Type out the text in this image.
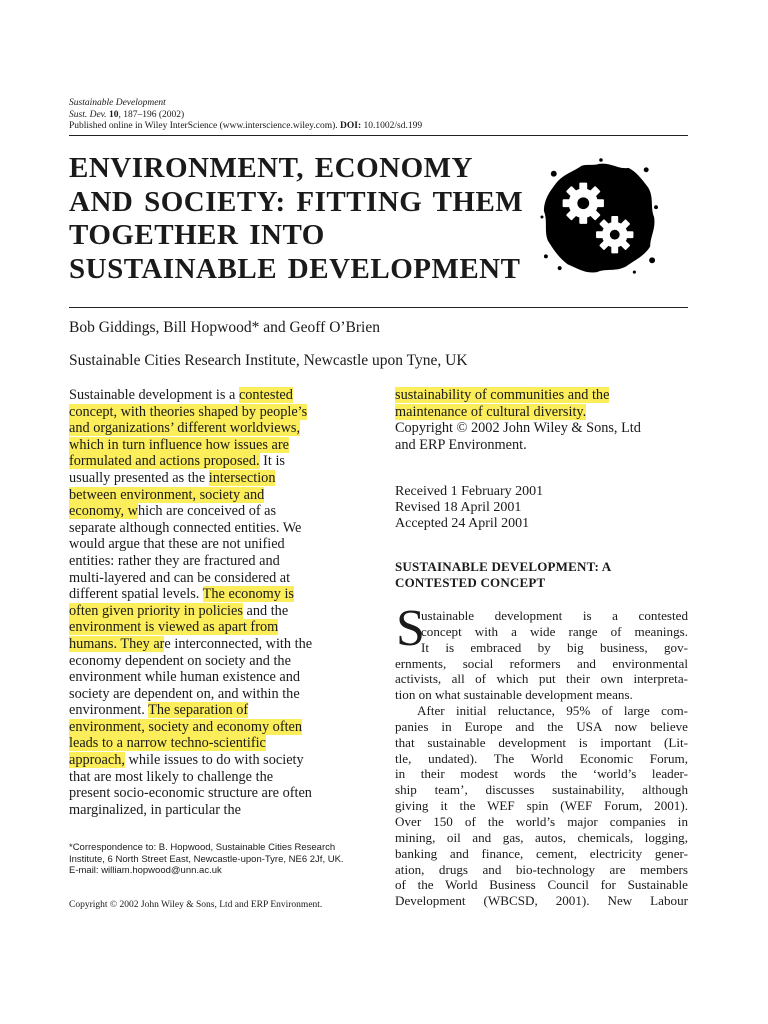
Sustainable Development
Sust. Dev. 10, 187–196 (2002)
Published online in Wiley InterScience (www.interscience.wiley.com). DOI: 10.1002/sd.199
ENVIRONMENT, ECONOMY
AND SOCIETY: FITTING THEM
TOGETHER INTO
SUSTAINABLE DEVELOPMENT
Bob Giddings, Bill Hopwood* and Geoff O’Brien
Sustainable Cities Research Institute, Newcastle upon Tyne, UK
Sustainable development is a contested
concept, with theories shaped by people’s
and organizations’ different worldviews,
which in turn influence how issues are
formulated and actions proposed. It is
usually presented as the intersection
between environment, society and
economy, which are conceived of as
separate although connected entities. We
would argue that these are not unified
entities: rather they are fractured and
multi-layered and can be considered at
different spatial levels. The economy is
often given priority in policies and the
environment is viewed as apart from
humans. They are interconnected, with the
economy dependent on society and the
environment while human existence and
society are dependent on, and within the
environment. The separation of
environment, society and economy often
leads to a narrow techno-scientific
approach, while issues to do with society
that are most likely to challenge the
present socio-economic structure are often
marginalized, in particular the
sustainability of communities and the
maintenance of cultural diversity.
Copyright © 2002 John Wiley & Sons, Ltd
and ERP Environment.
Received 1 February 2001
Revised 18 April 2001
Accepted 24 April 2001
SUSTAINABLE DEVELOPMENT: A
CONTESTED CONCEPT
S
ustainable development is a contested
concept with a wide range of meanings.
It is embraced by big business, gov-
ernments, social reformers and environmental
activists, all of which put their own interpreta-
tion on what sustainable development means.
After initial reluctance, 95% of large com-
panies in Europe and the USA now believe
that sustainable development is important (Lit-
tle, undated). The World Economic Forum,
in their modest words the ‘world’s leader-
ship team’, discusses sustainability, although
giving it the WEF spin (WEF Forum, 2001).
Over 150 of the world’s major companies in
mining, oil and gas, autos, chemicals, logging,
banking and finance, cement, electricity gener-
ation, drugs and bio-technology are members
of the World Business Council for Sustainable
Development (WBCSD, 2001). New Labour
*Correspondence to: B. Hopwood, Sustainable Cities Research
Institute, 6 North Street East, Newcastle-upon-Tyre, NE6 2Jf, UK.
E-mail: william.hopwood@unn.ac.uk
Copyright © 2002 John Wiley & Sons, Ltd and ERP Environment.
